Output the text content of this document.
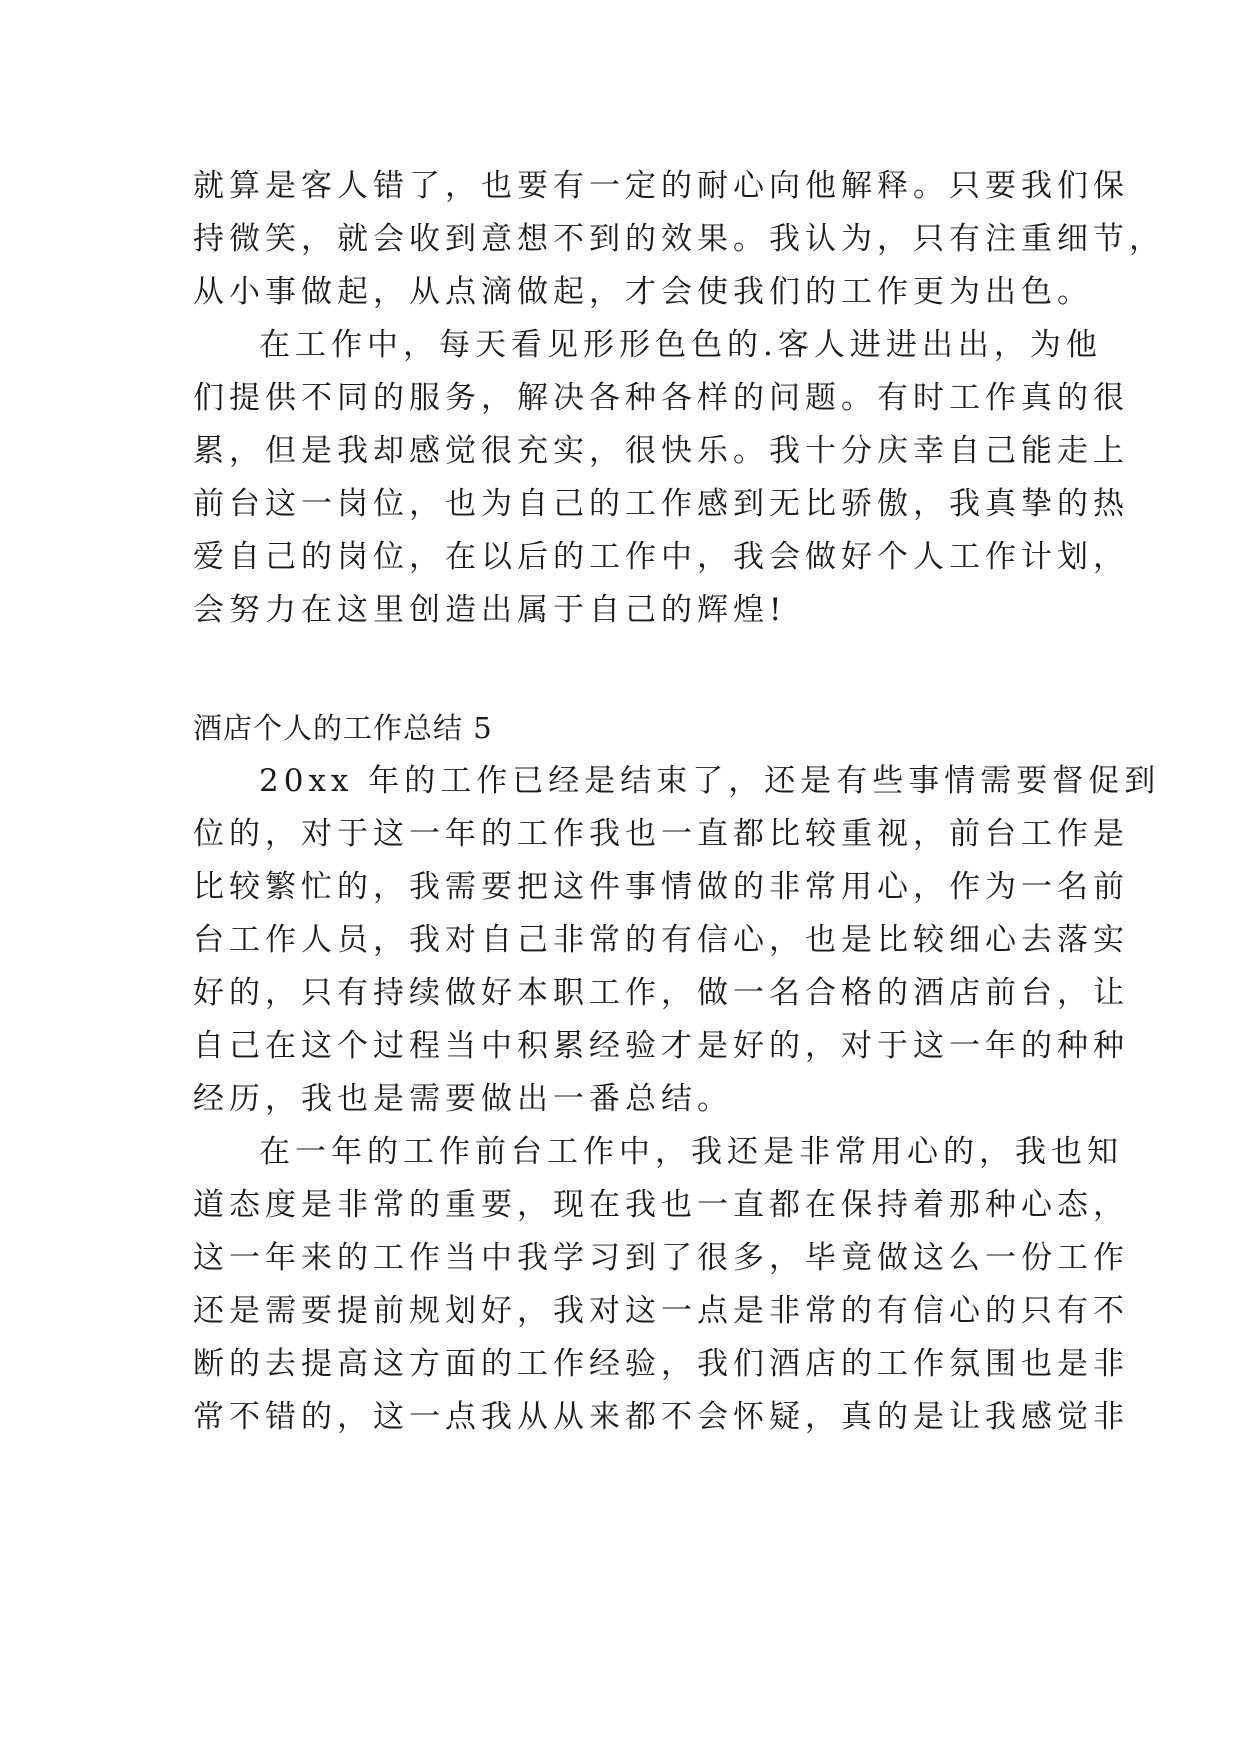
就算是客人错了，也要有一定的耐心向他解释。只要我们保
持微笑，就会收到意想不到的效果。我认为，只有注重细节，
从小事做起，从点滴做起，才会使我们的工作更为出色。
在工作中，每天看见形形色色的.客人进进出出，为他
们提供不同的服务，解决各种各样的问题。有时工作真的很
累，但是我却感觉很充实，很快乐。我十分庆幸自己能走上
前台这一岗位，也为自己的工作感到无比骄傲，我真挚的热
爱自己的岗位，在以后的工作中，我会做好个人工作计划，
会努力在这里创造出属于自己的辉煌!
酒店个人的工作总结 5
20xx 年的工作已经是结束了，还是有些事情需要督促到
位的，对于这一年的工作我也一直都比较重视，前台工作是
比较繁忙的，我需要把这件事情做的非常用心，作为一名前
台工作人员，我对自己非常的有信心，也是比较细心去落实
好的，只有持续做好本职工作，做一名合格的酒店前台，让
自己在这个过程当中积累经验才是好的，对于这一年的种种
经历，我也是需要做出一番总结。
在一年的工作前台工作中，我还是非常用心的，我也知
道态度是非常的重要，现在我也一直都在保持着那种心态，
这一年来的工作当中我学习到了很多，毕竟做这么一份工作
还是需要提前规划好，我对这一点是非常的有信心的只有不
断的去提高这方面的工作经验，我们酒店的工作氛围也是非
常不错的，这一点我从从来都不会怀疑，真的是让我感觉非
